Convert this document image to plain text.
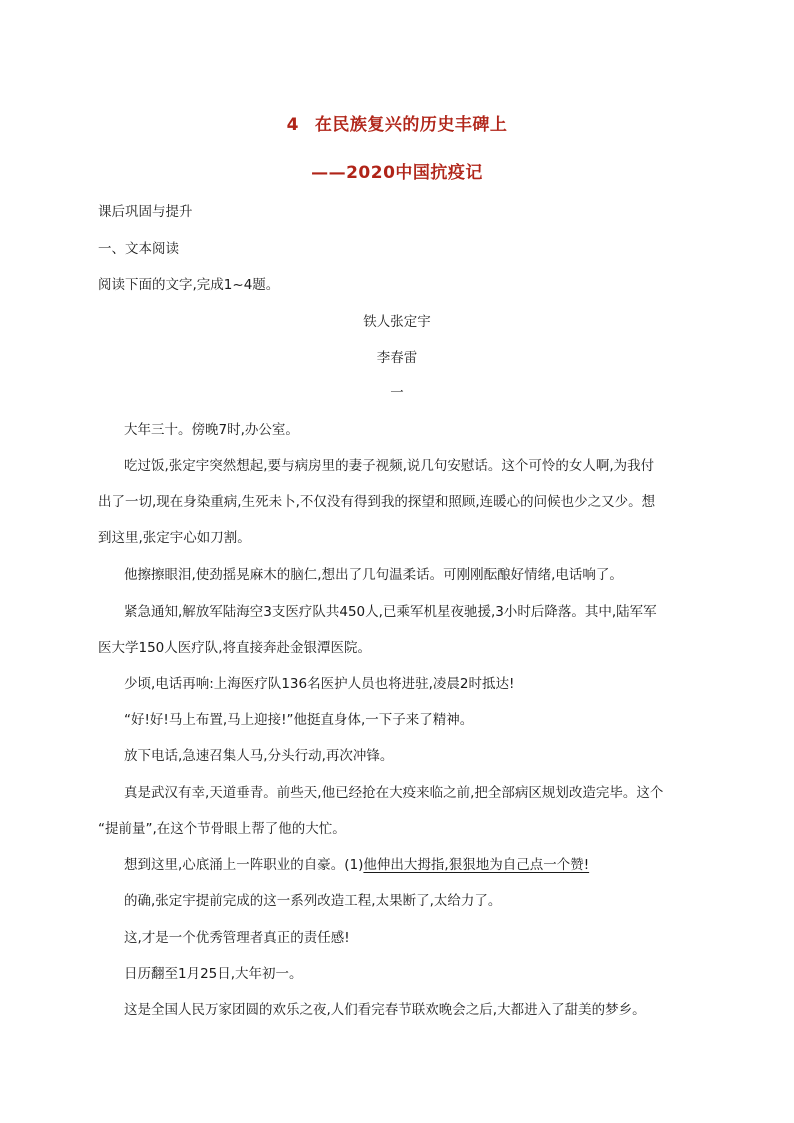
4 在民族复兴的历史丰碑上
——2020中国抗疫记
课后巩固与提升
一、文本阅读
阅读下面的文字,完成1~4题。
铁人张定宇
李春雷
一
大年三十。傍晚7时,办公室。
吃过饭,张定宇突然想起,要与病房里的妻子视频,说几句安慰话。这个可怜的女人啊,为我付
出了一切,现在身染重病,生死未卜,不仅没有得到我的探望和照顾,连暖心的问候也少之又少。想
到这里,张定宇心如刀割。
他擦擦眼泪,使劲摇晃麻木的脑仁,想出了几句温柔话。可刚刚酝酿好情绪,电话响了。
紧急通知,解放军陆海空3支医疗队共450人,已乘军机星夜驰援,3小时后降落。其中,陆军军
医大学150人医疗队,将直接奔赴金银潭医院。
少顷,电话再响:上海医疗队136名医护人员也将进驻,凌晨2时抵达!
“好!好!马上布置,马上迎接!”他挺直身体,一下子来了精神。
放下电话,急速召集人马,分头行动,再次冲锋。
真是武汉有幸,天道垂青。前些天,他已经抢在大疫来临之前,把全部病区规划改造完毕。这个
“提前量”,在这个节骨眼上帮了他的大忙。
想到这里,心底涌上一阵职业的自豪。(1)他伸出大拇指,狠狠地为自己点一个赞!
的确,张定宇提前完成的这一系列改造工程,太果断了,太给力了。
这,才是一个优秀管理者真正的责任感!
日历翻至1月25日,大年初一。
这是全国人民万家团圆的欢乐之夜,人们看完春节联欢晚会之后,大都进入了甜美的梦乡。
